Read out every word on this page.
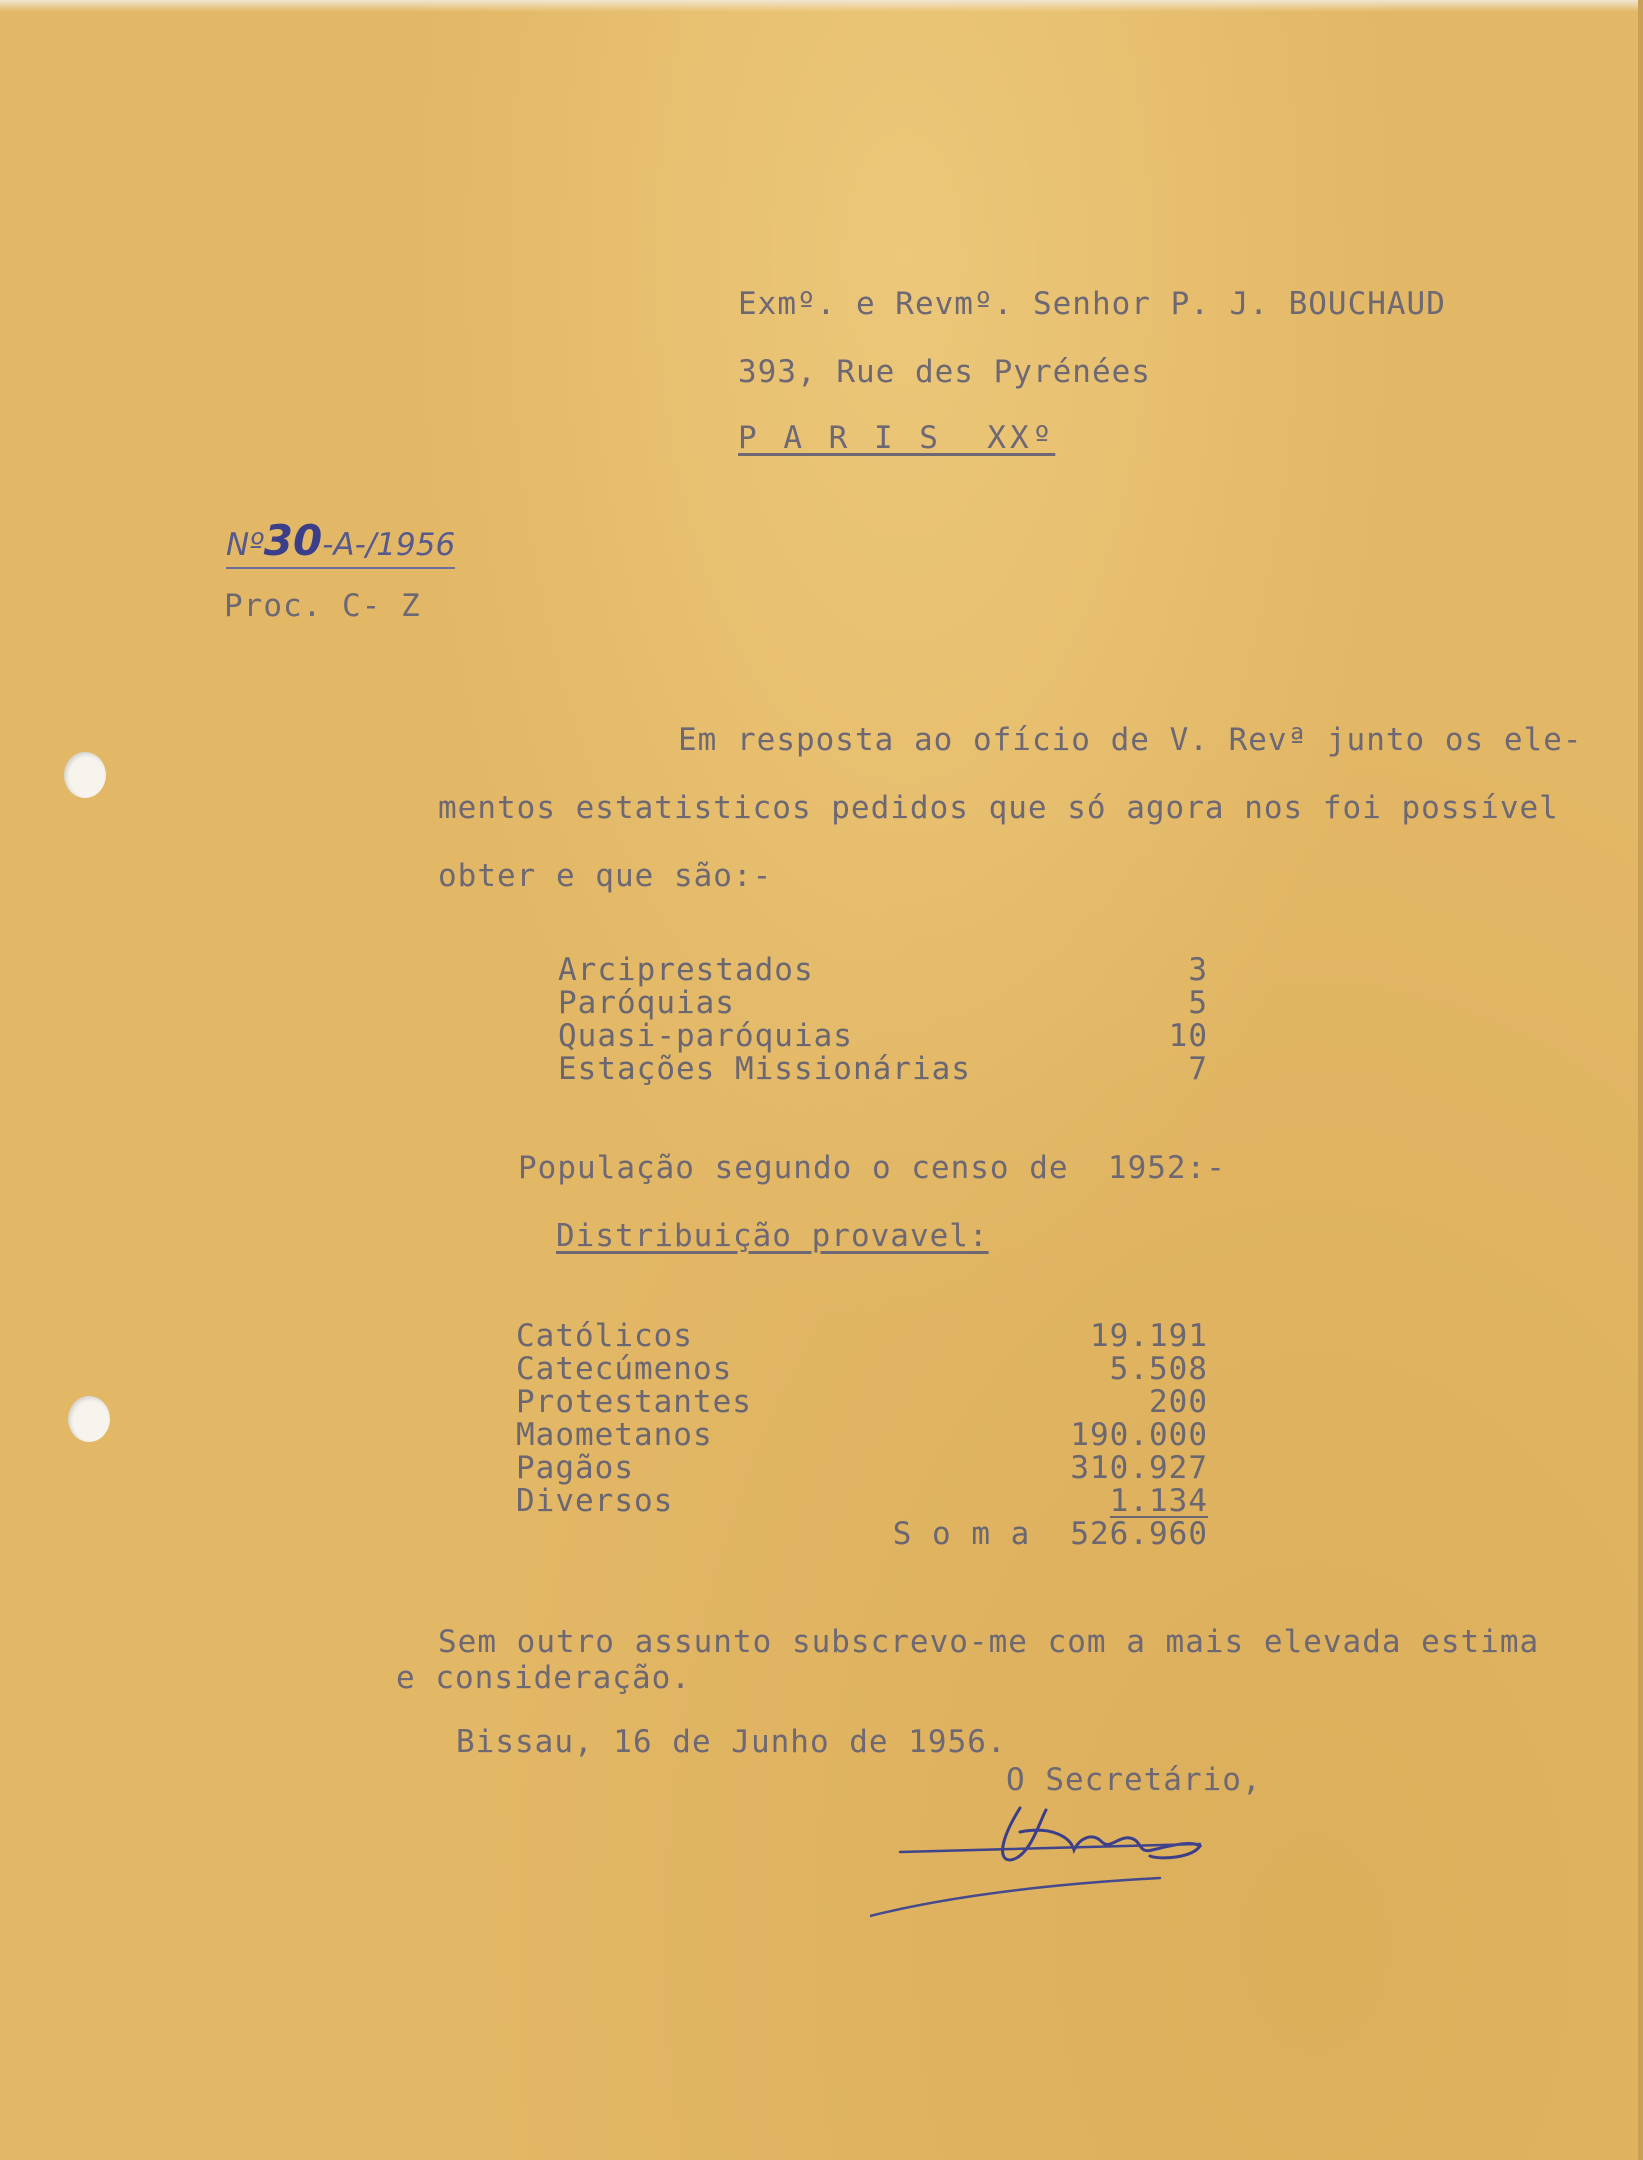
Exmº. e Revmº. Senhor P. J. BOUCHAUD
393, Rue des Pyrénées
P A R I S  XXº
Nº30-A-/1956
Proc. C- Z
Em resposta ao ofício de V. Revª junto os ele-
mentos estatisticos pedidos que só agora nos foi possível
obter e que são:-
Arciprestados	3
Paróquias	5
Quasi-paróquias	10
Estações Missionárias	7
População segundo o censo de  1952:-
Distribuição provavel:
Católicos	19.191
Catecúmenos	5.508
Protestantes	200
Maometanos	190.000
Pagãos	310.927
Diversos	1.134
S o m a 526.960
Sem outro assunto subscrevo-me com a mais elevada estima
e consideração.
Bissau, 16 de Junho de 1956.
O Secretário,
